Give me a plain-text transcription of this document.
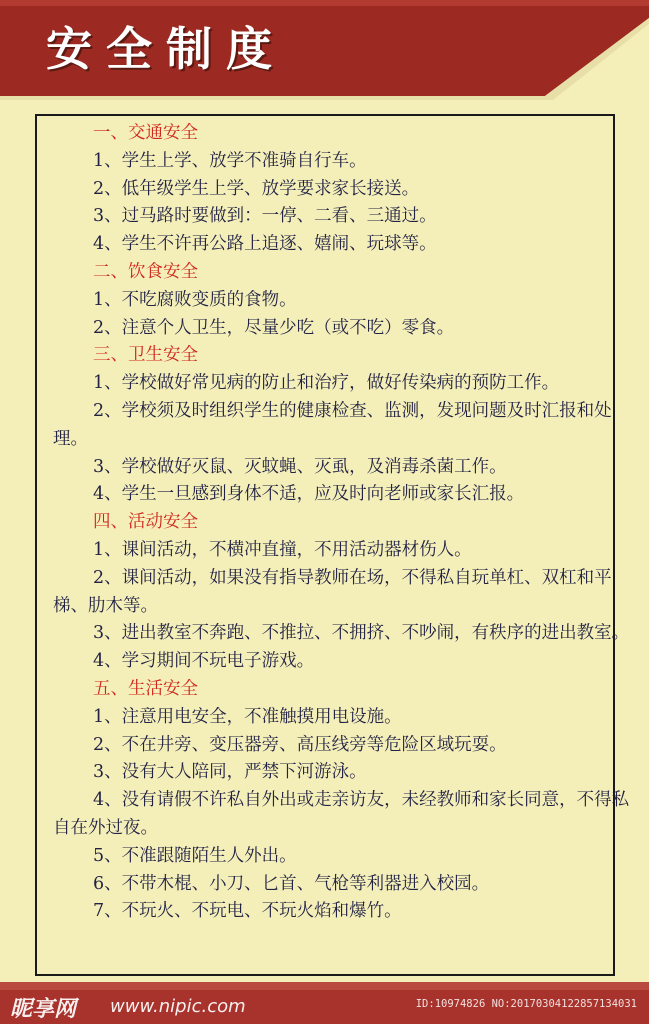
安全制度

一、交通安全

1、学生上学、放学不准骑自行车。

2、低年级学生上学、放学要求家长接送。

3、过马路时要做到：一停、二看、三通过。

4、学生不许再公路上追逐、嬉闹、玩球等。

二、饮食安全

1、不吃腐败变质的食物。

2、注意个人卫生，尽量少吃（或不吃）零食。

三、卫生安全

1、学校做好常见病的防止和治疗，做好传染病的预防工作。

2、学校须及时组织学生的健康检查、监测，发现问题及时汇报和处理。

3、学校做好灭鼠、灭蚊蝇、灭虱，及消毒杀菌工作。

4、学生一旦感到身体不适，应及时向老师或家长汇报。

四、活动安全

1、课间活动，不横冲直撞，不用活动器材伤人。

2、课间活动，如果没有指导教师在场，不得私自玩单杠、双杠和平梯、肋木等。

3、进出教室不奔跑、不推拉、不拥挤、不吵闹，有秩序的进出教室。

4、学习期间不玩电子游戏。

五、生活安全

1、注意用电安全，不准触摸用电设施。

2、不在井旁、变压器旁、高压线旁等危险区域玩耍。

3、没有大人陪同，严禁下河游泳。

4、没有请假不许私自外出或走亲访友，未经教师和家长同意，不得私自在外过夜。

5、不准跟随陌生人外出。

6、不带木棍、小刀、匕首、气枪等利器进入校园。

7、不玩火、不玩电、不玩火焰和爆竹。

昵享网 www.nipic.com	ID:10974826 NO:20170304122857134031
